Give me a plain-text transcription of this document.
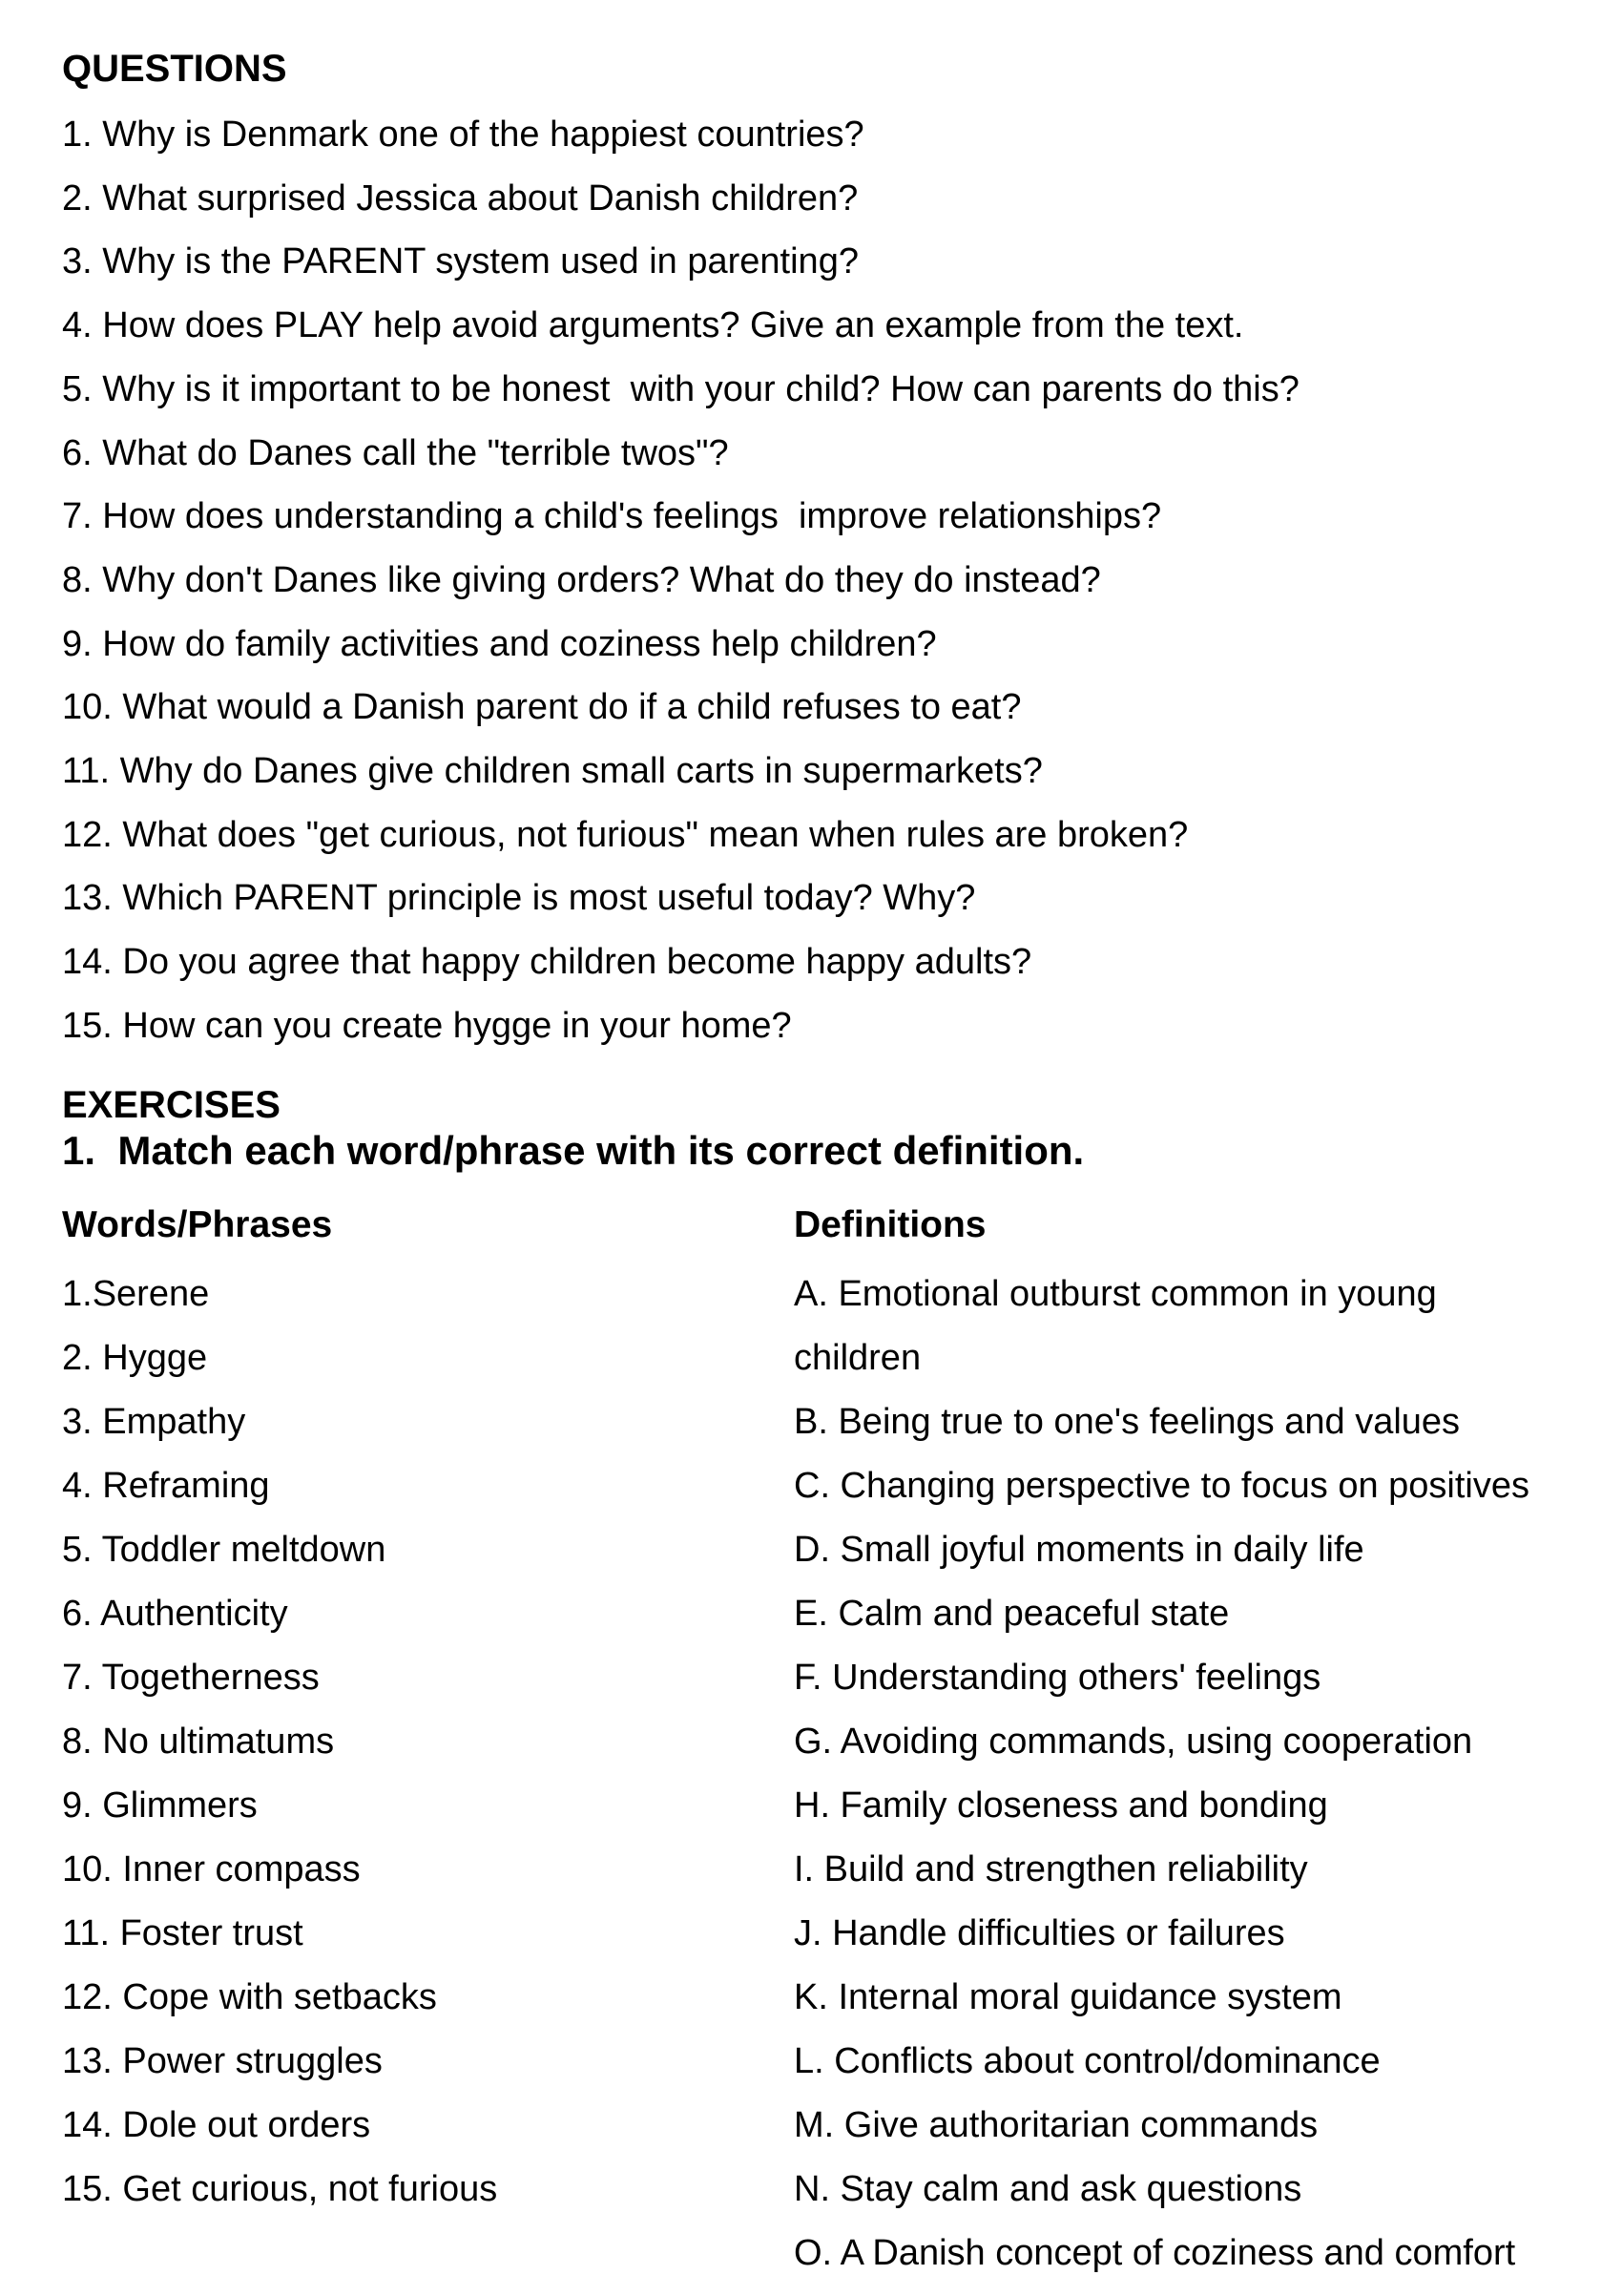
QUESTIONS
1. Why is Denmark one of the happiest countries?
2. What surprised Jessica about Danish children?
3. Why is the PARENT system used in parenting?
4. How does PLAY help avoid arguments? Give an example from the text.
5. Why is it important to be honest  with your child? How can parents do this?
6. What do Danes call the "terrible twos"?
7. How does understanding a child's feelings  improve relationships?
8. Why don't Danes like giving orders? What do they do instead?
9. How do family activities and coziness help children?
10. What would a Danish parent do if a child refuses to eat?
11. Why do Danes give children small carts in supermarkets?
12. What does "get curious, not furious" mean when rules are broken?
13. Which PARENT principle is most useful today? Why?
14. Do you agree that happy children become happy adults?
15. How can you create hygge in your home?
EXERCISES
1.  Match each word/phrase with its correct definition.
Words/Phrases	Definitions
1.Serene
2. Hygge
3. Empathy
4. Reframing
5. Toddler meltdown
6. Authenticity
7. Togetherness
8. No ultimatums
9. Glimmers
10. Inner compass
11. Foster trust
12. Cope with setbacks
13. Power struggles
14. Dole out orders
15. Get curious, not furious
A. Emotional outburst common in young
children
B. Being true to one's feelings and values
C. Changing perspective to focus on positives
D. Small joyful moments in daily life
E. Calm and peaceful state
F. Understanding others' feelings
G. Avoiding commands, using cooperation
H. Family closeness and bonding
I. Build and strengthen reliability
J. Handle difficulties or failures
K. Internal moral guidance system
L. Conflicts about control/dominance
M. Give authoritarian commands
N. Stay calm and ask questions
O. A Danish concept of coziness and comfort
